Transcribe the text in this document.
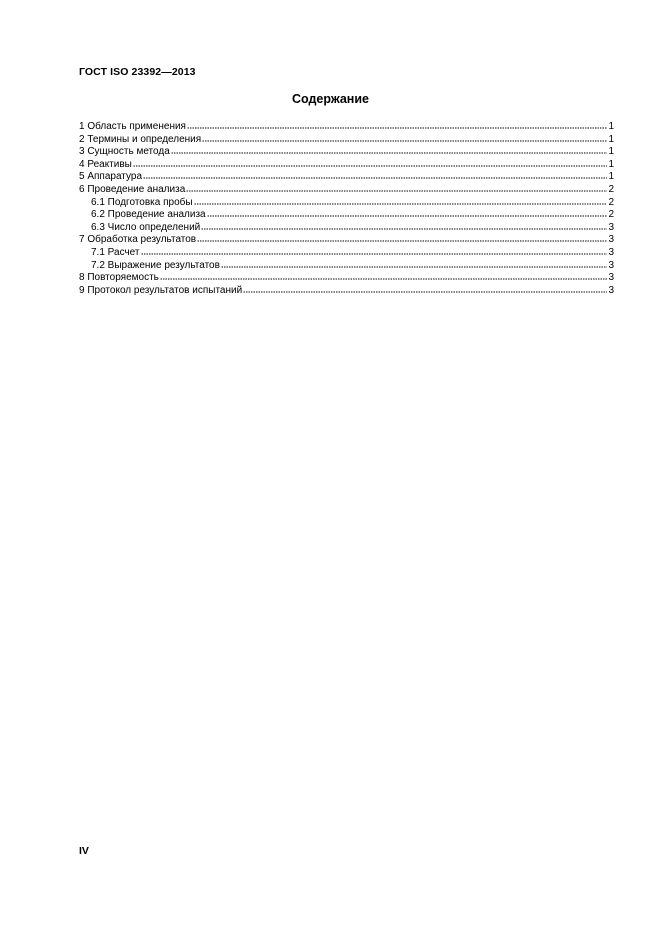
ГОСТ ISO 23392—2013
Содержание
1 Область применения	1
2 Термины и определения	1
3 Сущность метода	1
4 Реактивы	1
5 Аппаратура	1
6 Проведение анализа	2
6.1 Подготовка пробы	2
6.2 Проведение анализа	2
6.3 Число определений	3
7 Обработка результатов	3
7.1 Расчет	3
7.2 Выражение результатов	3
8 Повторяемость	3
9 Протокол результатов испытаний	3
IV
